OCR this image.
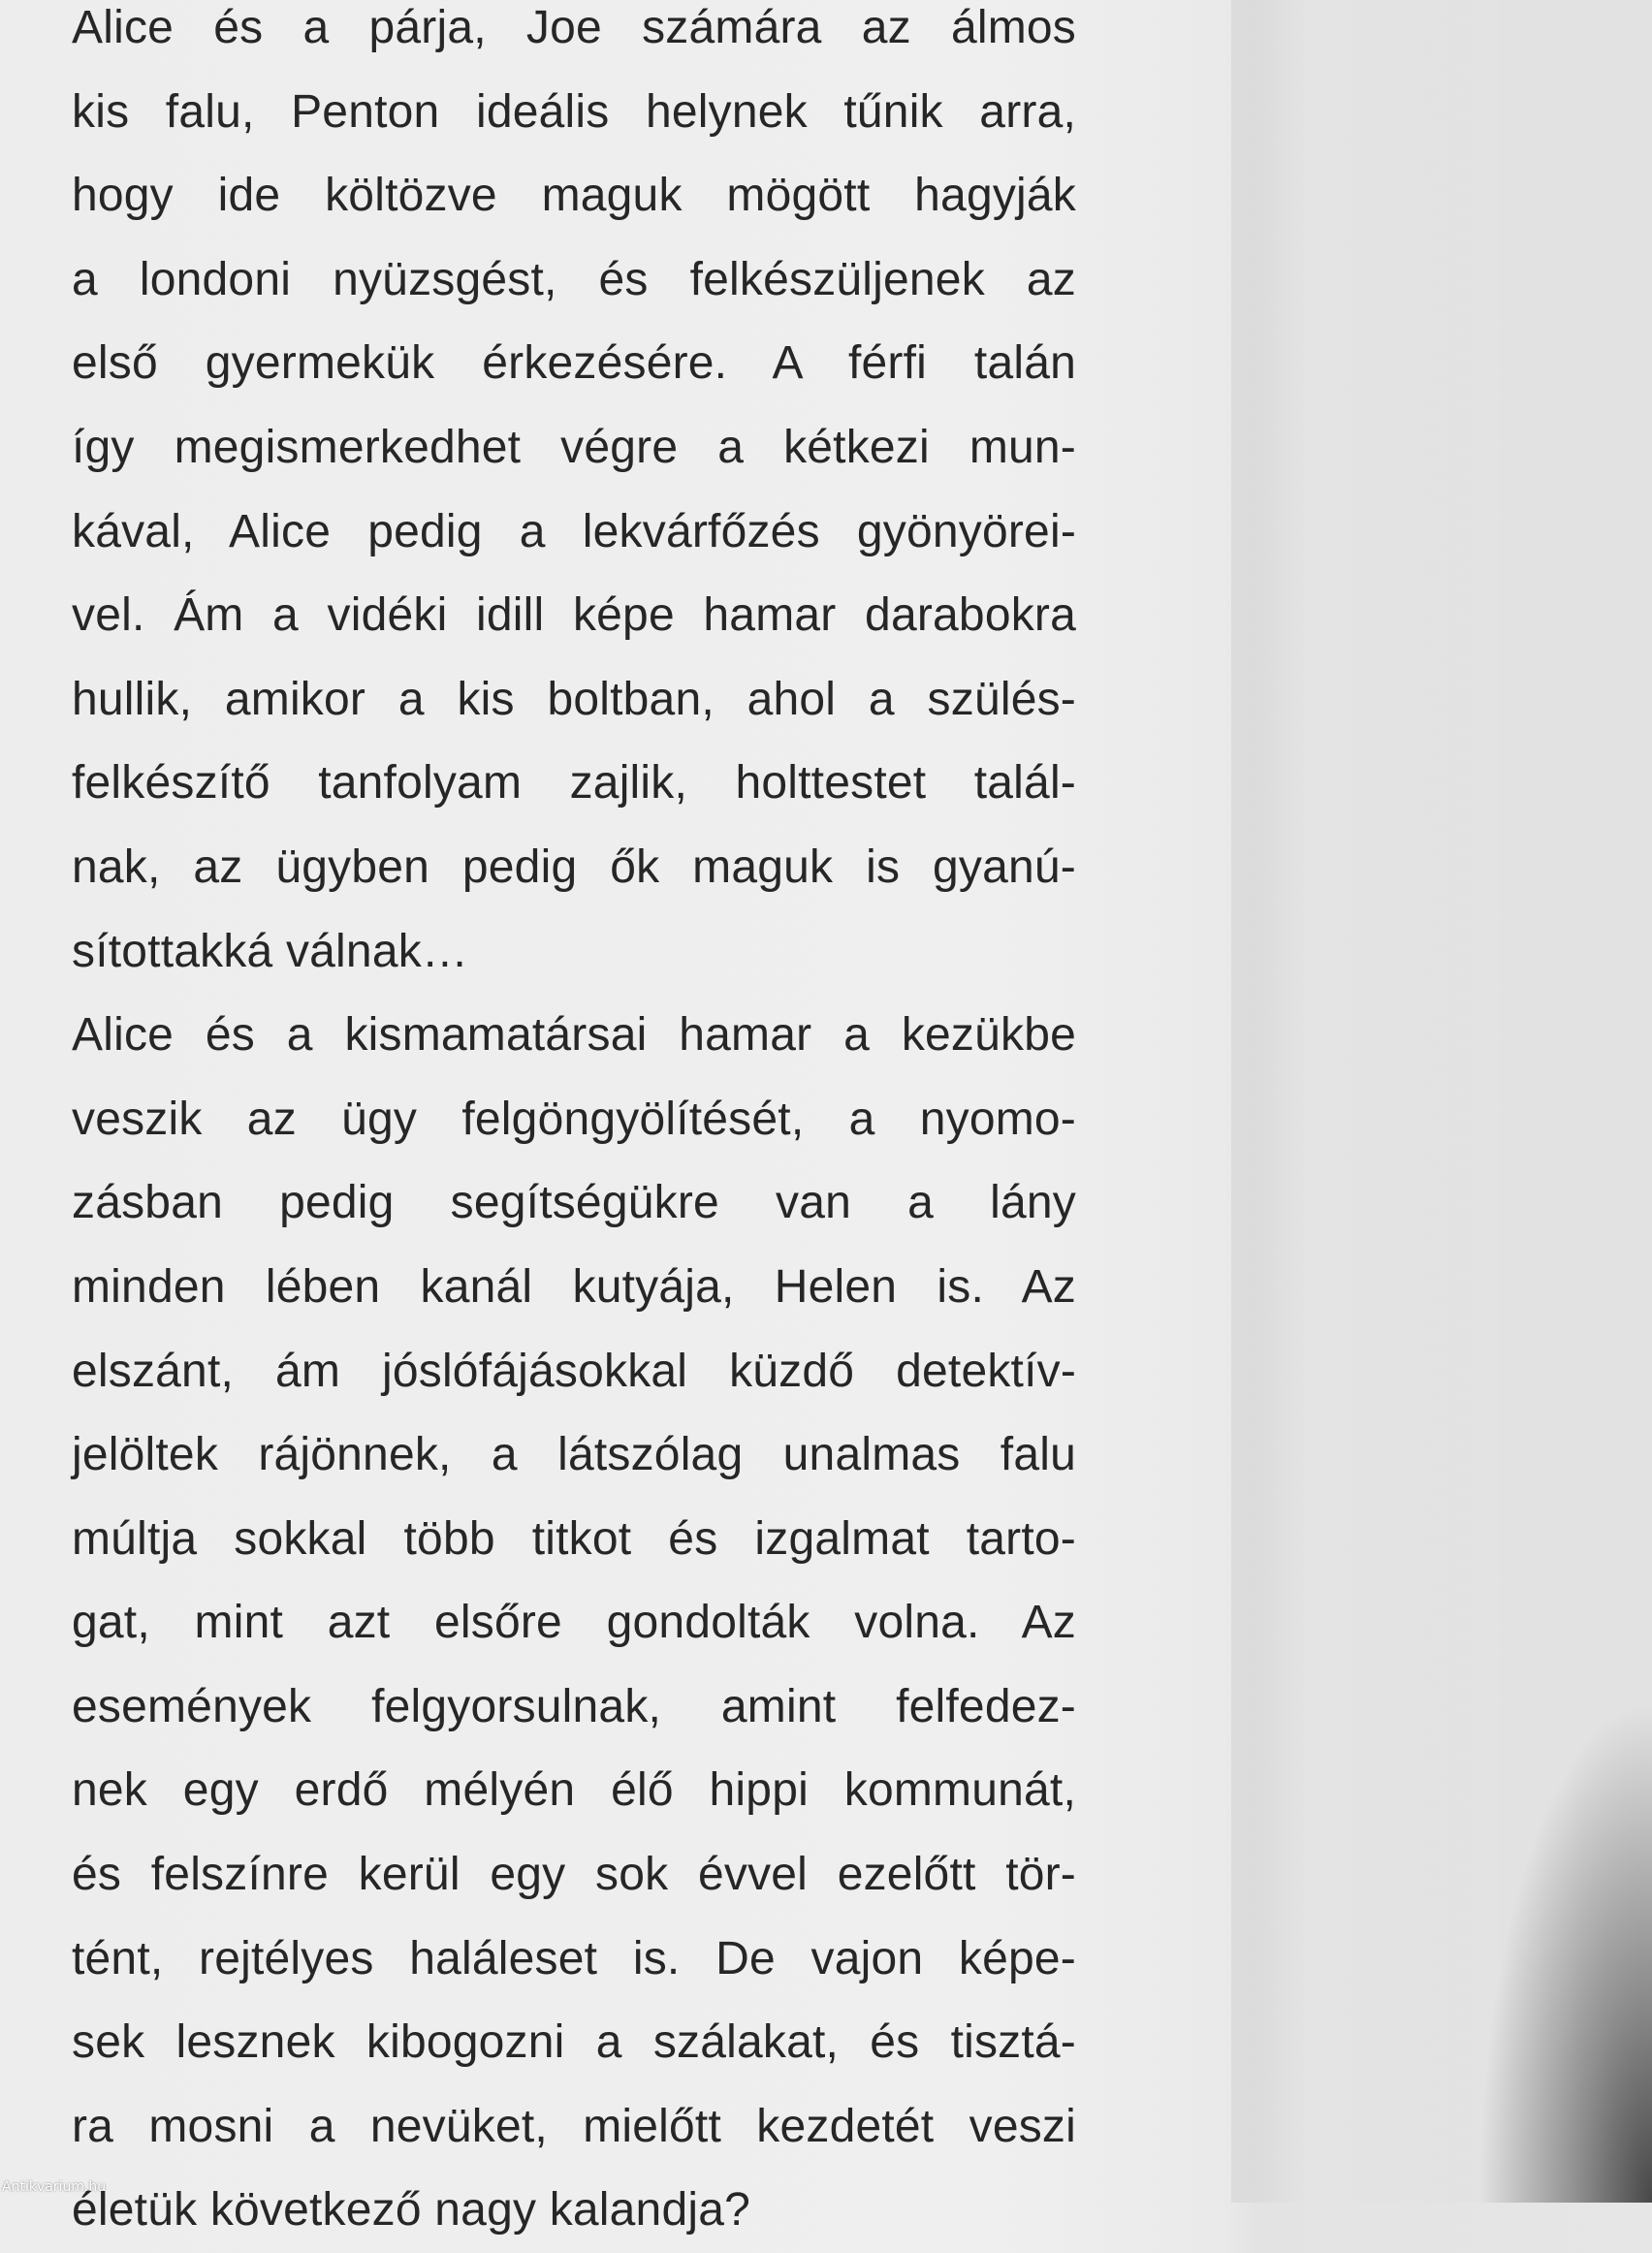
Alice és a párja, Joe számára az álmos
kis falu, Penton ideális helynek tűnik arra,
hogy ide költözve maguk mögött hagyják
a londoni nyüzsgést, és felkészüljenek az
első gyermekük érkezésére. A férfi talán
így megismerkedhet végre a kétkezi mun-
kával, Alice pedig a lekvárfőzés gyönyörei-
vel. Ám a vidéki idill képe hamar darabokra
hullik, amikor a kis boltban, ahol a szülés-
felkészítő tanfolyam zajlik, holttestet talál-
nak, az ügyben pedig ők maguk is gyanú-
sítottakká válnak…

Alice és a kismamatársai hamar a kezükbe
veszik az ügy felgöngyölítését, a nyomo-
zásban pedig segítségükre van a lány
minden lében kanál kutyája, Helen is. Az
elszánt, ám jóslófájásokkal küzdő detektív-
jelöltek rájönnek, a látszólag unalmas falu
múltja sokkal több titkot és izgalmat tarto-
gat, mint azt elsőre gondolták volna. Az
események felgyorsulnak, amint felfedez-
nek egy erdő mélyén élő hippi kommunát,
és felszínre kerül egy sok évvel ezelőtt tör-
tént, rejtélyes haláleset is. De vajon képe-
sek lesznek kibogozni a szálakat, és tisztá-
ra mosni a nevüket, mielőtt kezdetét veszi
életük következő nagy kalandja?

Antikvarium.hu
